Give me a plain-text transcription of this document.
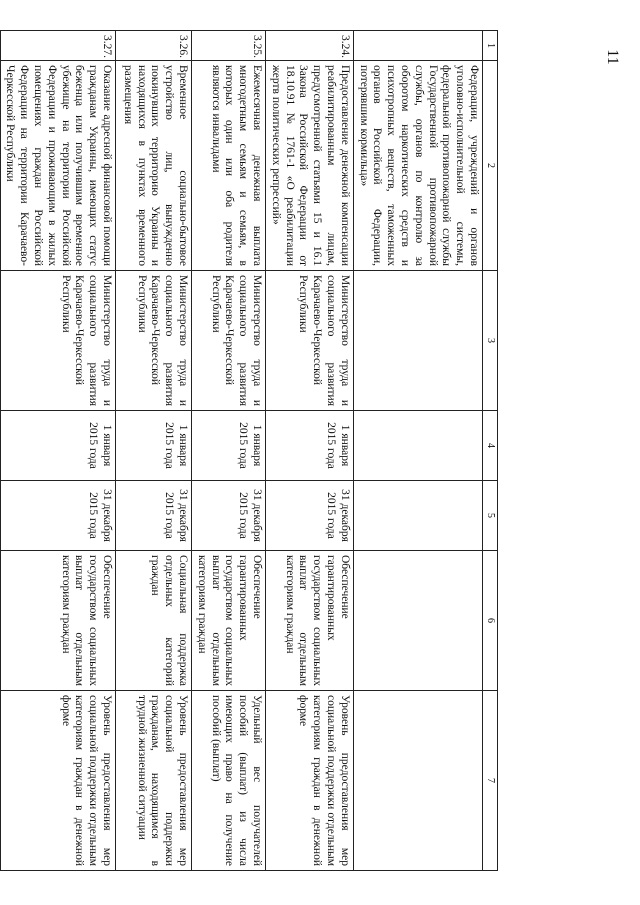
11
1	2	3	4	5	6	7
	Федерации, учреждений и органов уголовно-исполнительной системы, федеральной противопожарной службы Государственной противопожарной службы, органов по контролю за оборотом наркотических средств и психотропных веществ, таможенных органов Российской Федерации, потерявшим кормильца»					
3.24.	Предоставление денежной компенсации реабилитированным лицам, предусмотренной статьями 15 и 16.1 Закона Российской Федерации от 18.10.91 № 1761-1 «О реабилитации жертв политических репрессий»	Министерство труда и социального развития Карачаево-Черкесской Республики	1 января 2015 года	31 декабря 2015 года	Обеспечение гарантированных государством социальных выплат отдельным категориям граждан	Уровень предоставления мер социальной поддержки отдельным категориям граждан в денежной форме
3.25.	Ежемесячная денежная выплата многодетным семьям и семьям, в которых один или оба родителя являются инвалидами	Министерство труда и социального развития Карачаево-Черкесской Республики	1 января 2015 года	31 декабря 2015 года	Обеспечение гарантированных государством социальных выплат отдельным категориям граждан	Удельный вес получателей пособий (выплат) из числа имеющих право на получение пособий (выплат)
3.26.	Временное социально-бытовое устройство лиц, вынужденно покинувших территорию Украины и находящихся в пунктах временного размещения	Министерство труда и социального развития Карачаево-Черкесской Республики	1 января 2015 года	31 декабря 2015 года	Социальная поддержка отдельных категорий граждан	Уровень предоставления мер социальной поддержки гражданам, находящимся в трудной жизненной ситуации
3.27.	Оказание адресной финансовой помощи гражданам Украины, имеющих статус беженца или получившим временное убежище на территории Российской Федерации и проживающим в жилых помещениях граждан Российской Федерации на территории Карачаево-Черкесской Республики	Министерство труда и социального развития Карачаево-Черкесской Республики	1 января 2015 года	31 декабря 2015 года	Обеспечение государством социальных выплат отдельным категориям граждан	Уровень предоставления мер социальной поддержки отдельным категориям граждан в денежной форме
